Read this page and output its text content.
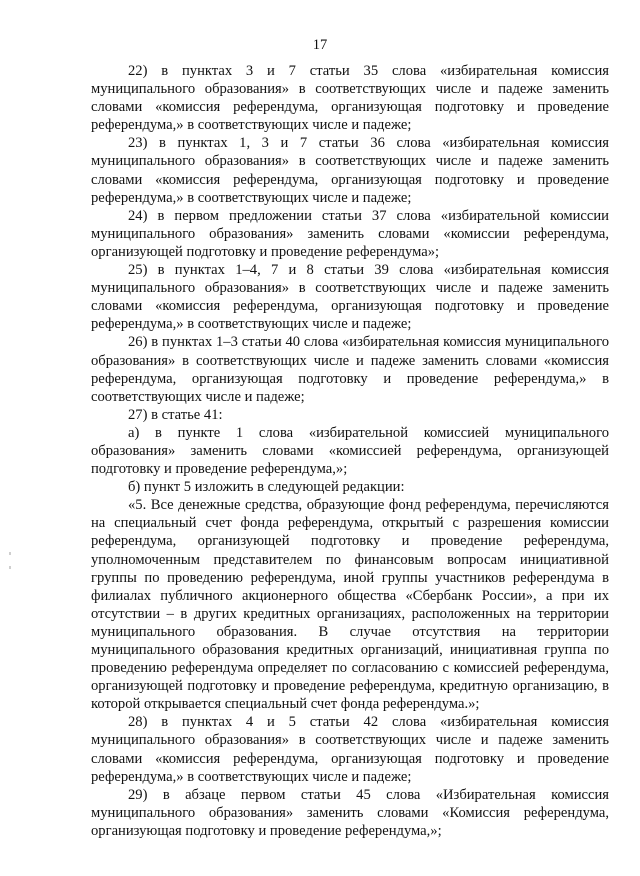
17

22) в пунктах 3 и 7 статьи 35 слова «избирательная комиссия муниципального образования» в соответствующих числе и падеже заменить словами «комиссия референдума, организующая подготовку и проведение референдума,» в соответствующих числе и падеже;

23) в пунктах 1, 3 и 7 статьи 36 слова «избирательная комиссия муниципального образования» в соответствующих числе и падеже заменить словами «комиссия референдума, организующая подготовку и проведение референдума,» в соответствующих числе и падеже;

24) в первом предложении статьи 37 слова «избирательной комиссии муниципального образования» заменить словами «комиссии референдума, организующей подготовку и проведение референдума»;

25) в пунктах 1–4, 7 и 8 статьи 39 слова «избирательная комиссия муниципального образования» в соответствующих числе и падеже заменить словами «комиссия референдума, организующая подготовку и проведение референдума,» в соответствующих числе и падеже;

26) в пунктах 1–3 статьи 40 слова «избирательная комиссия муниципального образования» в соответствующих числе и падеже заменить словами «комиссия референдума, организующая подготовку и проведение референдума,» в соответствующих числе и падеже;

27) в статье 41:

а) в пункте 1 слова «избирательной комиссией муниципального образования» заменить словами «комиссией референдума, организующей подготовку и проведение референдума,»;

б) пункт 5 изложить в следующей редакции:

«5. Все денежные средства, образующие фонд референдума, перечисляются на специальный счет фонда референдума, открытый с разрешения комиссии референдума, организующей подготовку и проведение референдума, уполномоченным представителем по финансовым вопросам инициативной группы по проведению референдума, иной группы участников референдума в филиалах публичного акционерного общества «Сбербанк России», а при их отсутствии – в других кредитных организациях, расположенных на территории муниципального образования. В случае отсутствия на территории муниципального образования кредитных организаций, инициативная группа по проведению референдума определяет по согласованию с комиссией референдума, организующей подготовку и проведение референдума, кредитную организацию, в которой открывается специальный счет фонда референдума.»;

28) в пунктах 4 и 5 статьи 42 слова «избирательная комиссия муниципального образования» в соответствующих числе и падеже заменить словами «комиссия референдума, организующая подготовку и проведение референдума,» в соответствующих числе и падеже;

29) в абзаце первом статьи 45 слова «Избирательная комиссия муниципального образования» заменить словами «Комиссия референдума, организующая подготовку и проведение референдума,»;
